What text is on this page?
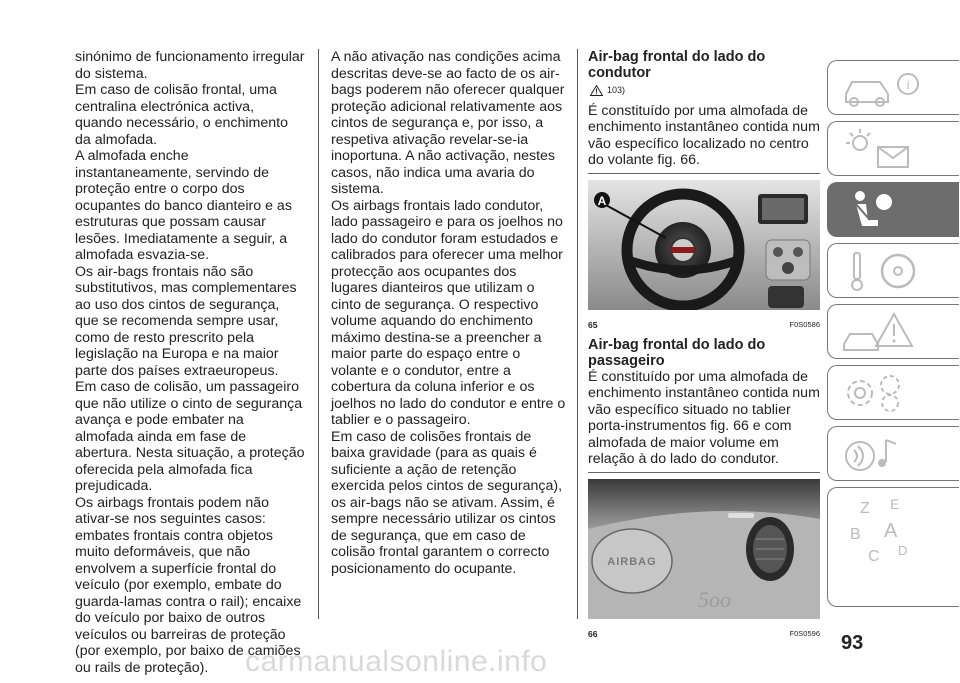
sinónimo de funcionamento irregular do sistema.

Em caso de colisão frontal, uma centralina electrónica activa, quando necessário, o enchimento da almofada.

A almofada enche instantaneamente, servindo de proteção entre o corpo dos ocupantes do banco dianteiro e as estruturas que possam causar lesões. Imediatamente a seguir, a almofada esvazia-se.

Os air-bags frontais não são substitutivos, mas complementares ao uso dos cintos de segurança, que se recomenda sempre usar, como de resto prescrito pela legislação na Europa e na maior parte dos países extraeuropeus.

Em caso de colisão, um passageiro que não utilize o cinto de segurança avança e pode embater na almofada ainda em fase de abertura. Nesta situação, a proteção oferecida pela almofada fica prejudicada.

Os airbags frontais podem não ativar-se nos seguintes casos: embates frontais contra objetos muito deformáveis, que não envolvem a superfície frontal do veículo (por exemplo, embate do guarda-lamas contra o rail); encaixe do veículo por baixo de outros veículos ou barreiras de proteção (por exemplo, por baixo de camiões ou rails de proteção).

A não ativação nas condições acima descritas deve-se ao facto de os air-bags poderem não oferecer qualquer proteção adicional relativamente aos cintos de segurança e, por isso, a respetiva ativação revelar-se-ia inoportuna. A não activação, nestes casos, não indica uma avaria do sistema.

Os airbags frontais lado condutor, lado passageiro e para os joelhos no lado do condutor foram estudados e calibrados para oferecer uma melhor protecção aos ocupantes dos lugares dianteiros que utilizam o cinto de segurança. O respectivo volume aquando do enchimento máximo destina-se a preencher a maior parte do espaço entre o volante e o condutor, entre a cobertura da coluna inferior e os joelhos no lado do condutor e entre o tablier e o passageiro.

Em caso de colisões frontais de baixa gravidade (para as quais é suficiente a ação de retenção exercida pelos cintos de segurança), os air-bags não se ativam. Assim, é sempre necessário utilizar os cintos de segurança, que em caso de colisão frontal garantem o correcto posicionamento do ocupante.

Air-bag frontal do lado do condutor
103)

É constituído por uma almofada de enchimento instantâneo contida num vão específico localizado no centro do volante fig. 66.

A
65	F0S0586
Air-bag frontal do lado do passageiro

É constituído por uma almofada de enchimento instantâneo contida num vão específico situado no tablier porta-instrumentos fig. 66 e com almofada de maior volume em relação à do lado do condutor.

5oo
AIRBAG
66	F0S0596
i
Z E
B A
C D
93
carmanualsonline.info
